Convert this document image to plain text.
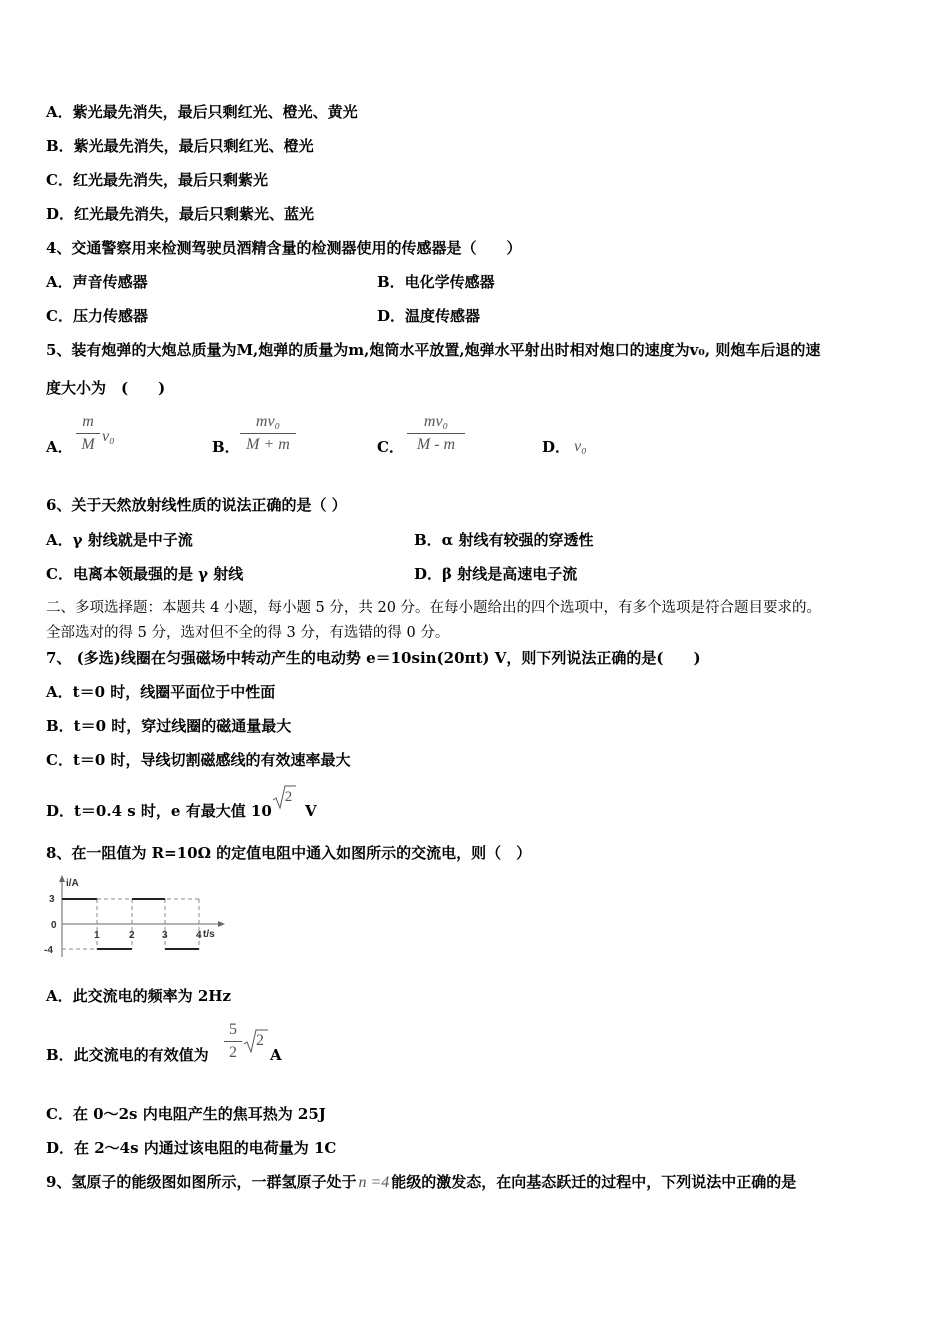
A．紫光最先消失，最后只剩红光、橙光、黄光
B．紫光最先消失，最后只剩红光、橙光
C．红光最先消失，最后只剩紫光
D．红光最先消失，最后只剩紫光、蓝光
4、交通警察用来检测驾驶员酒精含量的检测器使用的传感器是（　　）
A．声音传感器	B．电化学传感器
C．压力传感器	D．温度传感器
5、装有炮弹的大炮总质量为M,炮弹的质量为m,炮筒水平放置,炮弹水平射出时相对炮口的速度为v₀, 则炮车后退的速
度大小为　(　　)
A．
m
M v₀
B．
mv₀
M + m	C．
mv₀
M - m	D． v₀
6、关于天然放射线性质的说法正确的是（ ）
A．γ 射线就是中子流	B．α 射线有较强的穿透性
C．电离本领最强的是 γ 射线	D．β 射线是高速电子流
二、多项选择题：本题共 4 小题，每小题 5 分，共 20 分。在每小题给出的四个选项中，有多个选项是符合题目要求的。
全部选对的得 5 分，选对但不全的得 3 分，有选错的得 0 分。
7、 (多选)线圈在匀强磁场中转动产生的电动势 e＝10sin(20πt) V，则下列说法正确的是(　　)
A．t＝0 时，线圈平面位于中性面
B．t＝0 时，穿过线圈的磁通量最大
C．t＝0 时，导线切割磁感线的有效速率最大
D．t＝0.4 s 时，e 有最大值 10
2
V
8、在一阻值为 R=10Ω 的定值电阻中通入如图所示的交流电，则（　）
i/A
t/s
3
0
-4
1	2	3	4
A．此交流电的频率为 2Hz
B．此交流电的有效值为
5
2
2
A
C．在 0～2s 内电阻产生的焦耳热为 25J
D．在 2～4s 内通过该电阻的电荷量为 1C
9、氢原子的能级图如图所示，一群氢原子处于 n =4 能级的激发态，在向基态跃迁的过程中，下列说法中正确的是
